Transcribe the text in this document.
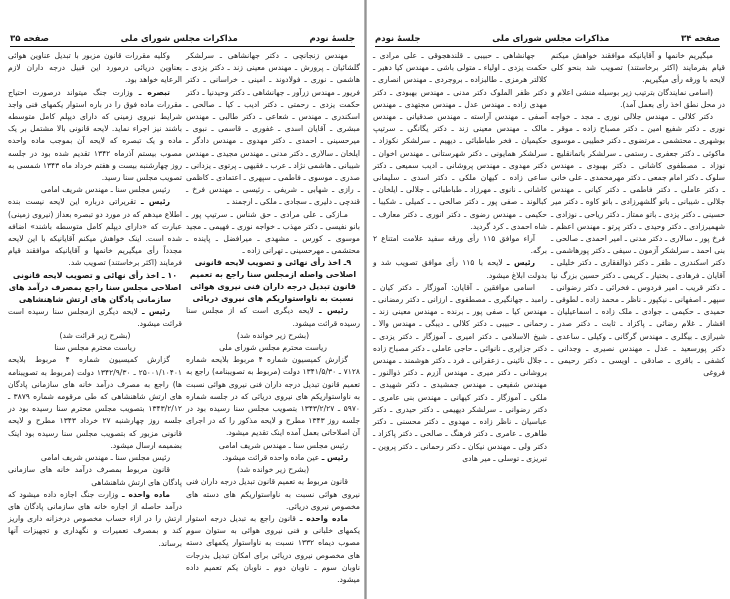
صفحه ۳۵	مذاکرات مجلس شورای ملی	جلسهٔ نودم

وکلیه مقررات قانون مزبور با تبدیل عناوین هوائی بعناوین دریائی درمورد این قبیل درجه داران لازم الرعایه خواهد بود.

تبصره ـ وزارت جنگ میتواند درصورت احتیاج مقررات ماده فوق را در باره استوار یکمهای فنی واجد شرایط نیروی زمینی که دارای دیپلم کامل متوسطه باشند نیز اجراء نماید. لایحه قانونی بالا مشتمل بر یک ماده و یک تبصره که لایحه آن بموجب ماده واحده مصوب بیستم آذرماه ۱۳۴۲ تقدیم شده بود در جلسه روز چهارشنبه بیست و هفتم خرداد ماه ۱۳۴۳ شمسی به تصویب مجلس سنا رسید.

رئیس مجلس سنا ـ مهندس شریف امامی

رئیس ـ تقریراتی درباره این لایحه نیست بنده اطلاع میدهم که در مورد دو تبصره بعداز (نیروی زمینی) عبارت که «دارای دیپلم کامل متوسطه باشند» اضافه شده است. اینک خواهش میکنم آقایانیکه با این لایحه مجدداً رأی میگیریم خانمها و آقایانیکه موافقند قیام فرمایند (اکثر برخاستند) تصویب شد.

۱۰ ـ اخذ رأی نهائی و تصویب لایحه قانونی اصلاحی مجلس سنا راجع بمصرف درآمد های سازمانی پادگان های ارتش شاهنشاهی

رئیس ـ لایحه دیگری ازمجلس سنا رسیده است قرائت میشود.

(بشرح زیر قرائت شد)

ریاست محترم مجلس سنا

گزارش کمیسیون شماره ۴ مربوط بلایحه ۲۵۰۰۱/۱۰۴۰۱ ـ ۱۳۴۲/۹/۳۰ دولت (مربوط به تصویبنامه ها) راجع به مصرف درآمد خانه های سازمانی پادگان های ارتش شاهنشاهی که طی مرقومه شماره ۳۸۷۹ ـ ۱۳۴۳/۲/۱۲ بتصویب مجلس محترم سنا رسیده بود در جلسه روز چهارشنبه ۲۷ خرداد ۱۳۴۳ مطرح و لایحه قانونی مزبور که بتصویب مجلس سنا رسیده بود اینک بضمیمه ارسال میشود.

رئیس مجلس سنا ـ مهندس شریف امامی

قانون مربوط بمصرف درآمد خانه های سازمانی پادگان های ارتش شاهنشاهی

ماده واحده ـ وزارت جنگ اجازه داده میشود که درآمد حاصله از اجاره خانه های سازمانی پادگان های ارتش را در ازاء حساب مخصوص درخزانه داری واریز کند و بمصرف تعمیرات و نگهداری و تجهیزات آنها برساند.

مهندس زنجانچی ـ دکتر جهانشاهی ـ سرلشکر گلشائیان ـ پرورش ـ مهندس معینی زند ـ دکتر یزدی ـ هاشمی ـ نوری ـ فولادوند ـ امینی ـ خراسانی ـ دکتر فریور ـ مهندس زرآور ـ جهانشاهی ـ دکتر وحیدنیا ـ دکتر حکمت یزدی ـ رحمتی ـ دکتر ادیب ـ کیا ـ صالحی ـ اسکندری ـ مهندس ـ شعاعی ـ دکتر طالبی ـ مهندس مبشری ـ آقایان اسدی ـ غفوری ـ قاسمی ـ نبوی ـ میرحسینی ـ احمدی ـ دکتر مهدوی ـ مهندس دادگر ـ ایلخان ـ سالاری ـ دکتر مدنی ـ مهندس مجیدی ـ مهندس شیبانی ـ هاشمی نژاد ـ عرب ـ فقیهی ـ پرتوی ـ یزدانی ـ صدری ـ موسوی ـ فاطمی ـ سپهری ـ اعتمادی ـ کاظمی ـ رازی ـ شهابی ـ شریفی ـ رئیسی ـ مهندس فرخ ـ قندچی ـ دلیری ـ سجادی ـ ملکی ـ ارجمند ـ

مـازکی ـ علی مرادی ـ حق شناس ـ سرتیپ پور ـ بانو نفیسی ـ دکتر مهذب ـ خواجه نوری ـ فهیمی ـ مجید موسوی ـ کورس ـ مشهدی ـ میرافضل ـ پاینده ـ محتشمی ـ مهرحسینی ـ تهرانی زاده ـ

۹ـ اخذ رأی نهائی و تصویب لایحه قانونی اصلاحی واصله ازمجلس سنا راجع به تعمیم قانون تبدیل درجه داران فنی نیروی هوائی نسبت به ناواستواریکم های نیروی دریائی

رئیس ـ لایحه دیگری است که از مجلس سنا رسیده قرائت میشود.

(بشرح زیر خوانده شد)

ریاست محترم مجلس شورای ملی

گزارش کمیسیون شماره ۴ مربوط بلایحه شماره ۷۱۲۸ ـ ۱۳۴۱/۵/۳۰ دولت (مربوط به تصویبنامه) راجع به تعمیم قانون تبدیل درجه داران فنی نیروی هوائی نسبت به ناواستواریکم های نیروی دریائی که در جلسه شماره ۵۹۷۰ ـ ۱۳۴۳/۲/۲۷ بتصویب مجلس سنا رسیده بود در جلسه روز ۱۳۴۳ مطرح و لایحه مذکور را که در اجرای آن اصلاحاتی بعمل آمده اینک تقدیم میشود.

رئیس مجلس سنا ـ مهندس شریف امامی

رئیس ـ عین ماده واحده قرائت میشود.

(بشرح زیر خوانده شد)

قانون مربوط به تعمیم قانون تبدیل درجه داران فنی نیروی هوائی نسبت به ناواستواریکم های دسته های مخصوص نیروی دریائی.

ماده واحده ـ قانون راجع به تبدیل درجه استوار یکمهای خلبانی و فنی نیروی هوائی به ستوان سوم مصوب دیماه ۱۳۳۲ نسبت به ناواستوار یکمهای دسته های مخصوص نیروی دریائی برای امکان تبدیل بدرجات ناوبان سوم ـ ناوبان دوم ـ ناوبان یکم تعمیم داده میشود.

جلسهٔ نودم	مذاکرات مجلس شورای ملی	صفحه ۳۴

جهانشاهی ـ حبیبی ـ قلندهجوقی ـ علی مرادی ـ حکمت یزدی ـ اولیاء ـ متولی باشی ـ مهندس کیا دهیر ـ کلالتر هرمزی ـ طالبزاده ـ بروجردی ـ مهندس انصاری ـ دکتر ظفر الملوک دکتر مدنی ـ مهندس بهبودی ـ دکتر مهدی زاده ـ مهندس عدل ـ مهندس مجتهدی ـ مهندس آصفی ـ مهندس آراسته ـ مهندس صدقیانی ـ مهندس مالک ـ مهندس معینی زند ـ دکتر یگانگی ـ سرتیپ حکیمیان ـ فخر طباطبائی ـ دیهیم ـ سرلشکر نکوزاد ـ سرلشکر همایونی ـ دکتر شهرستانی ـ مهندس اخوان ـ دکتر مهدوی ـ مهندس پروشانی ـ ادیب سمیعی ـ دکتر ساعی زاده ـ کیهان ملکی ـ دکتر اسدی ـ سلیمانی کاشانی ـ نانوی ـ مهرزاد ـ طباطبائی ـ جلالی ـ ایلخان ـ کبالوند ـ صفی پور ـ دکتر صالحی ـ ـ کمیلی ـ شکیبا ـ حکیمی ـ مهندس رضوی ـ دکتر انوری ـ دکتر معارف ـ شاه احمدی ـ کرد گردید.

آراء موافق ۱۱۵ رأی ورقه سفید علامت امتناع ۲ برگه.

رئیس ـ لایحه با ۱۱۵ رأی موافق تصویب شد و بدولت ابلاغ میشود.

اسامی موافقین ـ آقایان: آموزگار ـ دکتر کیان ـ رامبد ـ جهانگیری ـ مصطفوی ـ ارزانی ـ دکتر رمضانی ـ مهندس کیا ـ صفی پور ـ برنده ـ مهندس معینی زند ـ رحمانی ـ حبیبی ـ دکتر کلالی ـ دیبگی ـ مهندس والا ـ شیخ الاسلامی ـ دکتر امیری ـ آموزگار ـ دکتر یزدی ـ دکتر جزایری ـ نانوائی ـ حاجی عاملی ـ دکتر مصباح زاده ـ جلال نائینی ـ زعفرانی ـ فرد ـ دکتر هوشمند ـ مهندس بروشانی ـ دکتر میری ـ مهندس آزرم ـ دکتر ذوالنور ـ مهندس شفیعی ـ مهندس جمشیدی ـ دکتر شهیدی ـ ملکی ـ آموزگار ـ دکتر کیهانی ـ مهندس بنی عامری ـ دکتر رضوانی ـ سرلشکر دیهیمی ـ دکتر حیدری ـ دکتر عباسیان ـ ناظر زاده ـ مهدوی ـ دکتر محسنی ـ دکتر طاهری ـ عامری ـ دکتر فرهنگ ـ صالحی ـ دکتر پاکزاد ـ دکتر ولی ـ مهندس نیکان ـ دکتر رحمانی ـ دکتر پروین ـ تبریزی ـ توسلی ـ میر هادی

میگیریم خانمها و آقایانیکه موافقند خواهش میکنم قیام بفرمایند (اکثر برخاستند) تصویب شد بنحو کلی لایحه با ورقه رأی میگیریم.

(اسامی نمایندگان بترتیب زیر بوسیله منشی اعلام و در محل نطق اخذ رأی بعمل آمد).

دکتر کلالی ـ مهندس جلالی نوری ـ مجد ـ خواجه نوری ـ دکتر شفیع امین ـ دکتر مصباح زاده ـ موقر ـ بوشهری ـ محتشمی ـ مرتضوی ـ دکتر خطیبی ـ موسوی ماکوئی ـ دکتر جعفری ـ رستمی ـ سرلشکر باتمانقلیچ ـ نوزاد ـ مصطفوی کاشانی ـ دکتر بهبودی ـ مهندس سلوک ـ دکتر امام جمعی ـ دکتر مهرمحمدی ـ علی خانی ـ دکتر عاملی ـ دکتر فاطمی ـ دکتر کیانی ـ مهندس جلالی ـ شیبانی ـ باتو گلشهرزادی ـ باتو کاوه ـ دکتر میر حسینی ـ دکتر یزدی ـ باتو ممتاز ـ دکتر ریاحی ـ نوزادی ـ شهمیرزادی ـ دکتر وحیدی ـ دکتر پرتو ـ مهندس اعظم ـ فرخ پور ـ سالاری ـ دکتر مدنی ـ امیر احمدی ـ صالحی ـ بنی احمد ـ سرلشکر آزمون ـ سیفی ـ دکتر پورهاشمی ـ دکتر اسکندری ـ ظفر ـ دکتر ذوالفقاری ـ دکتر خلیلی ـ آقایان ـ فرهادی ـ بختیار ـ کریمی ـ دکتر حسین بزرگ نیا ـ دکتر قریب ـ امیر فردوس ـ فخرائی ـ دکتر رضوانی ـ سپهر ـ اصفهانی ـ نیکپور ـ ناظر ـ محمد زاده ـ لطوفی ـ حمیدی ـ حکیمی ـ جوادی ـ ملک زاده ـ اسماعیلیان ـ افشار ـ غلام رضائی ـ پاکزاد ـ ثابت ـ دکتر صدر ـ شیرازی ـ بیگلری ـ مهندس گرگانی ـ وکیلی ـ ساعدی ـ دکتر پورسعید ـ عدل ـ مهندس نصیری ـ وجدانی ـ کشفی ـ باقری ـ صادقی ـ اویسی ـ دکتر رحیمی ـ فروغی
